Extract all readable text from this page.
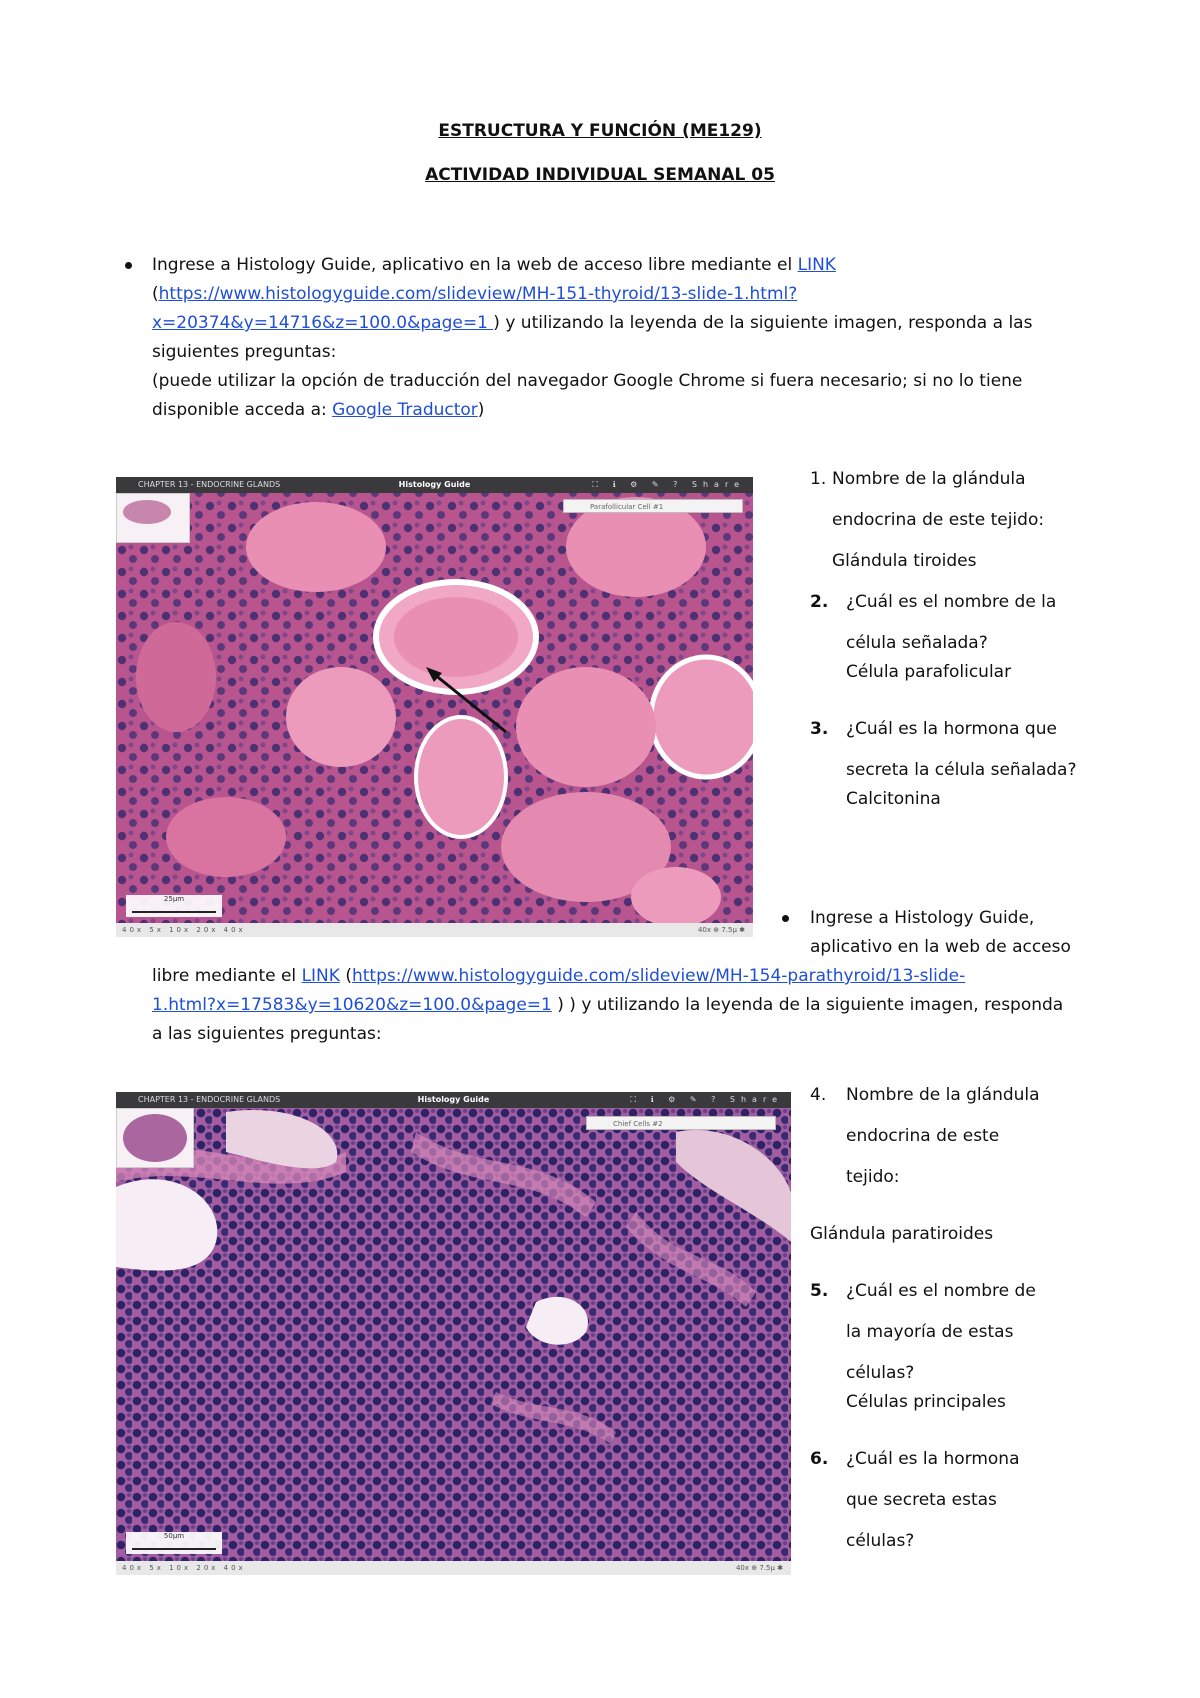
ESTRUCTURA Y FUNCIÓN (ME129)
ACTIVIDAD INDIVIDUAL SEMANAL 05
Ingrese a Histology Guide, aplicativo en la web de acceso libre mediante el LINK
(https://www.histologyguide.com/slideview/MH-151-thyroid/13-slide-1.html?
x=20374&y=14716&z=100.0&page=1 ) y utilizando la leyenda de la siguiente imagen, responda a las
siguientes preguntas:
(puede utilizar la opción de traducción del navegador Google Chrome si fuera necesario; si no lo tiene
disponible acceda a: Google Traductor)
CHAPTER 13 - ENDOCRINE GLANDS	Histology Guide	⛶ ℹ ⚙ ✎ ? Share
Parafollicular Cell #1
25μm
40x 5x 10x 20x 40x	40x ⊕ 7.5μ ✱
1. Nombre de la glándula
endocrina de este tejido:
Glándula tiroides
2. ¿Cuál es el nombre de la
célula señalada?
Célula parafolicular
3. ¿Cuál es la hormona que
secreta la célula señalada?
Calcitonina
Ingrese a Histology Guide,
aplicativo en la web de acceso
libre mediante el LINK (https://www.histologyguide.com/slideview/MH-154-parathyroid/13-slide-
1.html?x=17583&y=10620&z=100.0&page=1 ) ) y utilizando la leyenda de la siguiente imagen, responda
a las siguientes preguntas:
CHAPTER 13 - ENDOCRINE GLANDS	Histology Guide	⛶ ℹ ⚙ ✎ ? Share
Chief Cells #2
50μm
40x 5x 10x 20x 40x	40x ⊕ 7.5μ ✱
4. Nombre de la glándula
endocrina de este
tejido:
Glándula paratiroides
5. ¿Cuál es el nombre de
la mayoría de estas
células?
Células principales
6. ¿Cuál es la hormona
que secreta estas
células?
